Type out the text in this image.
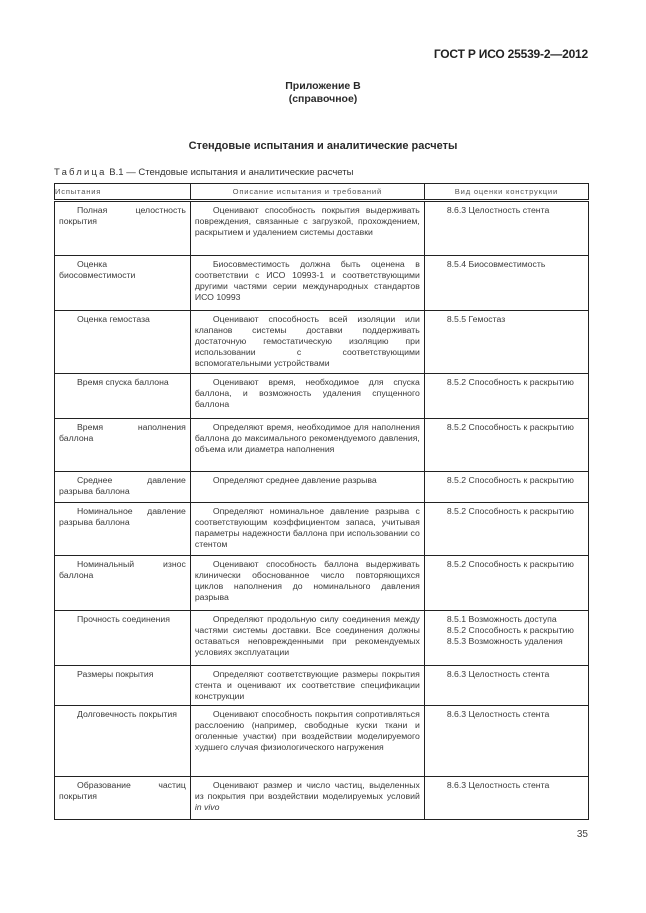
ГОСТ Р ИСО 25539-2—2012
Приложение В
(справочное)
Стендовые испытания и аналитические расчеты
Таблица В.1 — Стендовые испытания и аналитические расчеты
Испытания	Описание испытания и требований	Вид оценки конструкции
Полная целостность покрытия	Оценивают способность покрытия выдерживать повреждения, связанные с загрузкой, прохождением, раскрытием и удалением системы доставки	8.6.3 Целостность стента

Оценка биосовместимости	Биосовместимость должна быть оценена в соответствии с ИСО 10993-1 и соответствующими другими частями серии международных стандартов ИСО 10993	8.5.4 Биосовместимость

Оценка гемостаза	Оценивают способность всей изоляции или клапанов системы доставки поддерживать достаточную гемостатическую изоляцию при использовании с соответствующими вспомогательными устройствами	8.5.5 Гемостаз

Время спуска баллона	Оценивают время, необходимое для спуска баллона, и возможность удаления спущенного баллона	8.5.2 Способность к раскрытию

Время наполнения баллона	Определяют время, необходимое для наполнения баллона до максимального рекомендуемого давления, объема или диаметра наполнения	8.5.2 Способность к раскрытию

Среднее давление разрыва баллона	Определяют среднее давление разрыва	8.5.2 Способность к раскрытию

Номинальное давление разрыва баллона	Определяют номинальное давление разрыва с соответствующим коэффициентом запаса, учитывая параметры надежности баллона при использовании со стентом	8.5.2 Способность к раскрытию

Номинальный износ баллона	Оценивают способность баллона выдерживать клинически обоснованное число повторяющихся циклов наполнения до номинального давления разрыва	8.5.2 Способность к раскрытию

Прочность соединения	Определяют продольную силу соединения между частями системы доставки. Все соединения должны оставаться неповрежденными при рекомендуемых условиях эксплуатации	8.5.1 Возможность доступа
8.5.2 Способность к раскрытию
8.5.3 Возможность удаления

Размеры покрытия	Определяют соответствующие размеры покрытия стента и оценивают их соответствие спецификации конструкции	8.6.3 Целостность стента

Долговечность покрытия	Оценивают способность покрытия сопротивляться расслоению (например, свободные куски ткани и оголенные участки) при воздействии моделируемого худшего случая физиологического нагружения	8.6.3 Целостность стента

Образование частиц покрытия	Оценивают размер и число частиц, выделенных из покрытия при воздействии моделируемых условий in vivo	8.6.3 Целостность стента
35
